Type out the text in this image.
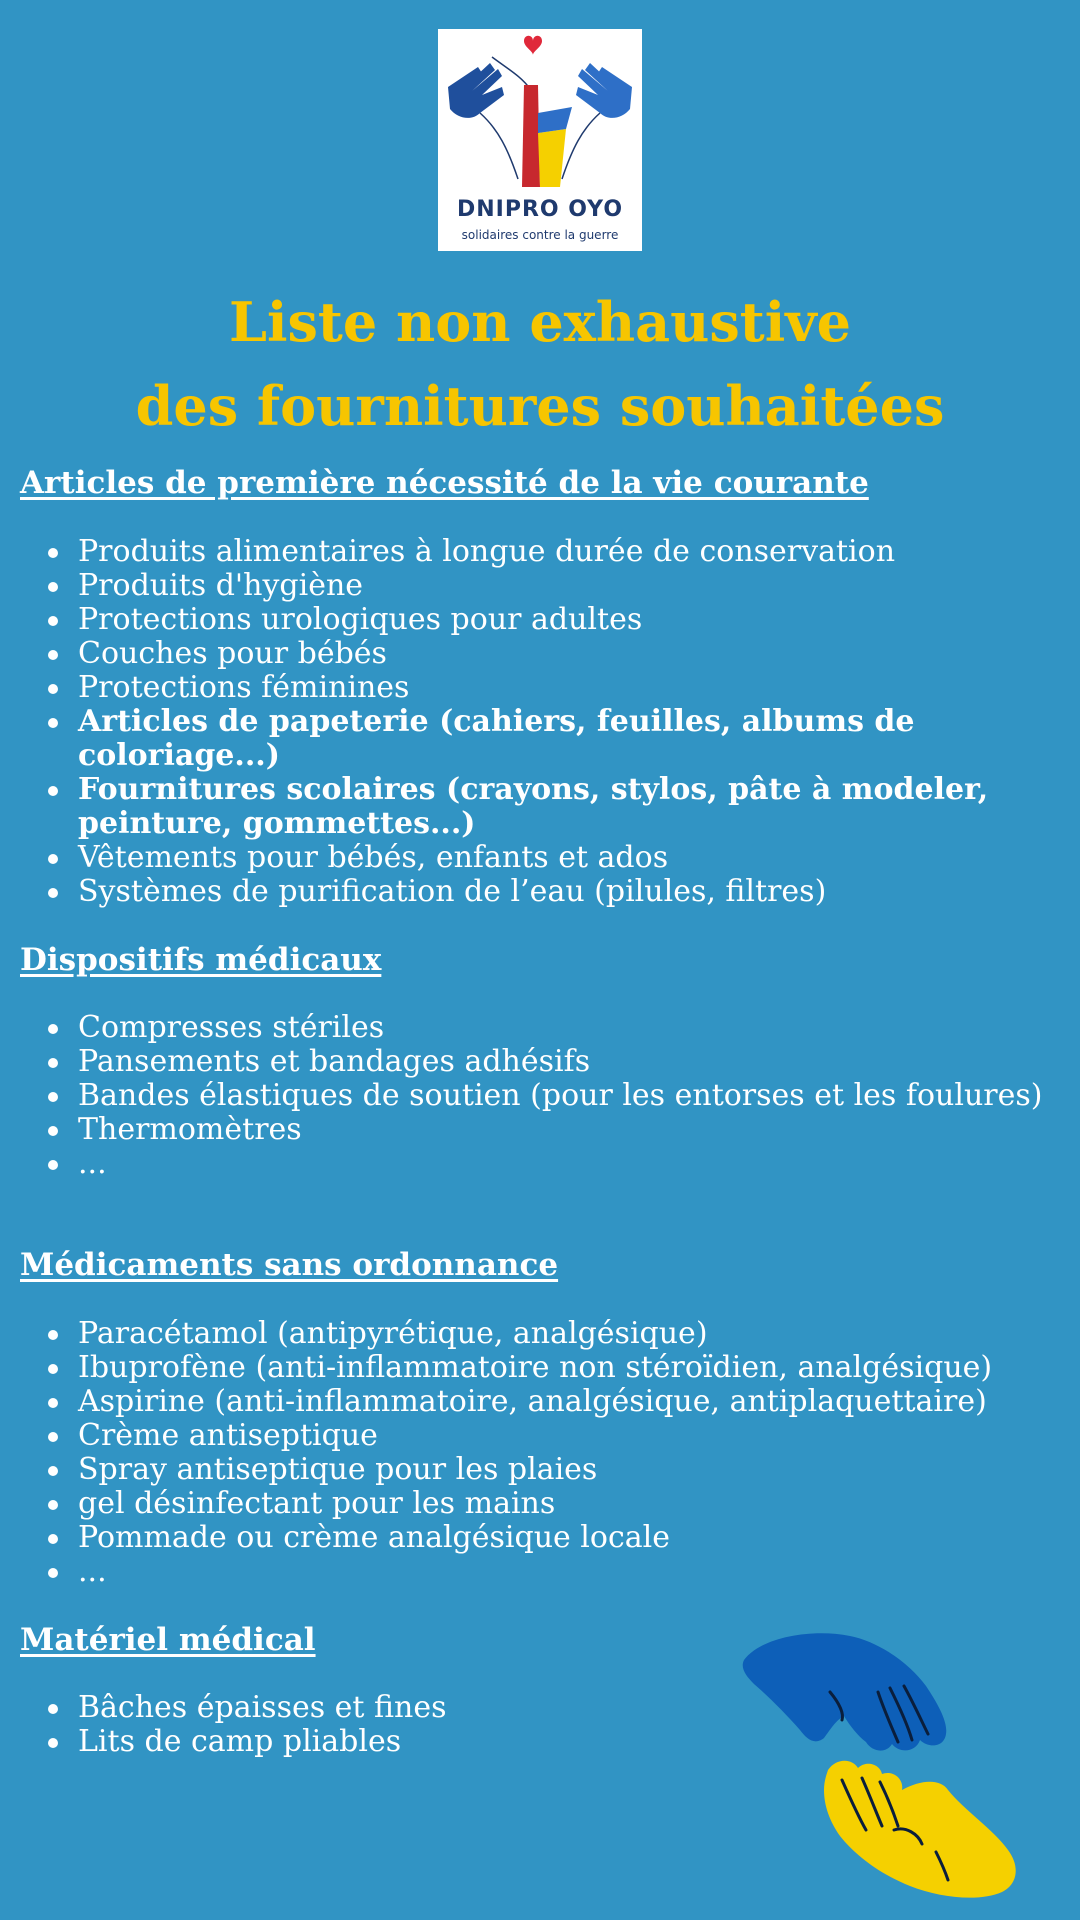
DNIPRO OYO
solidaires contre la guerre
Liste non exhaustive
des fournitures souhaitées
Articles de première nécessité de la vie courante
Produits alimentaires à longue durée de conservation
Produits d'hygiène
Protections urologiques pour adultes
Couches pour bébés
Protections féminines
Articles de papeterie (cahiers, feuilles, albums de coloriage...)
Fournitures scolaires (crayons, stylos, pâte à modeler, peinture, gommettes...)
Vêtements pour bébés, enfants et ados
Systèmes de purification de l’eau (pilules, filtres)
Dispositifs médicaux
Compresses stériles
Pansements et bandages adhésifs
Bandes élastiques de soutien (pour les entorses et les foulures)
Thermomètres
...
Médicaments sans ordonnance
Paracétamol (antipyrétique, analgésique)
Ibuprofène (anti-inflammatoire non stéroïdien, analgésique)
Aspirine (anti-inflammatoire, analgésique, antiplaquettaire)
Crème antiseptique
Spray antiseptique pour les plaies
gel désinfectant pour les mains
Pommade ou crème analgésique locale
...
Matériel médical
Bâches épaisses et fines
Lits de camp pliables
